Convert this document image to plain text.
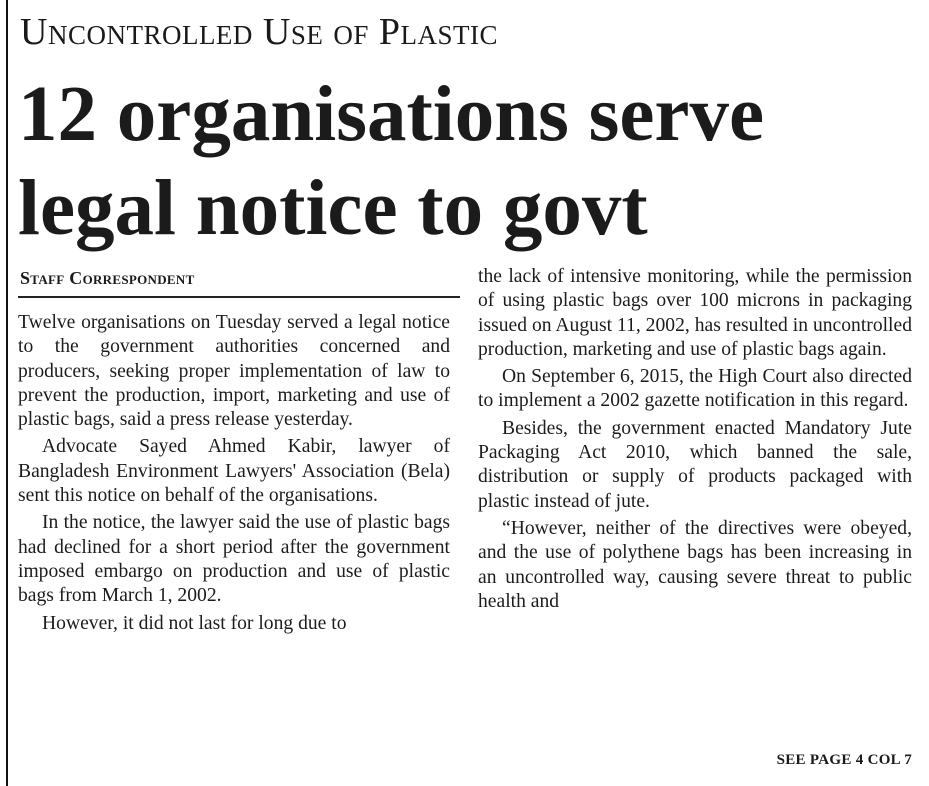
Uncontrolled Use of Plastic
12 organisations serve legal notice to govt
Staff Correspondent

Twelve organisations on Tuesday served a legal notice to the government authorities concerned and producers, seeking proper implementation of law to prevent the production, import, marketing and use of plastic bags, said a press release yesterday.

Advocate Sayed Ahmed Kabir, lawyer of Bangladesh Environment Lawyers' Association (Bela) sent this notice on behalf of the organisations.

In the notice, the lawyer said the use of plastic bags had declined for a short period after the government imposed embargo on production and use of plastic bags from March 1, 2002.

However, it did not last for long due to

the lack of intensive monitoring, while the permission of using plastic bags over 100 microns in packaging issued on August 11, 2002, has resulted in uncontrolled production, marketing and use of plastic bags again.

On September 6, 2015, the High Court also directed to implement a 2002 gazette notification in this regard.

Besides, the government enacted Mandatory Jute Packaging Act 2010, which banned the sale, distribution or supply of products packaged with plastic instead of jute.

“However, neither of the directives were obeyed, and the use of polythene bags has been increasing in an uncontrolled way, causing severe threat to public health and

SEE PAGE 4 COL 7
